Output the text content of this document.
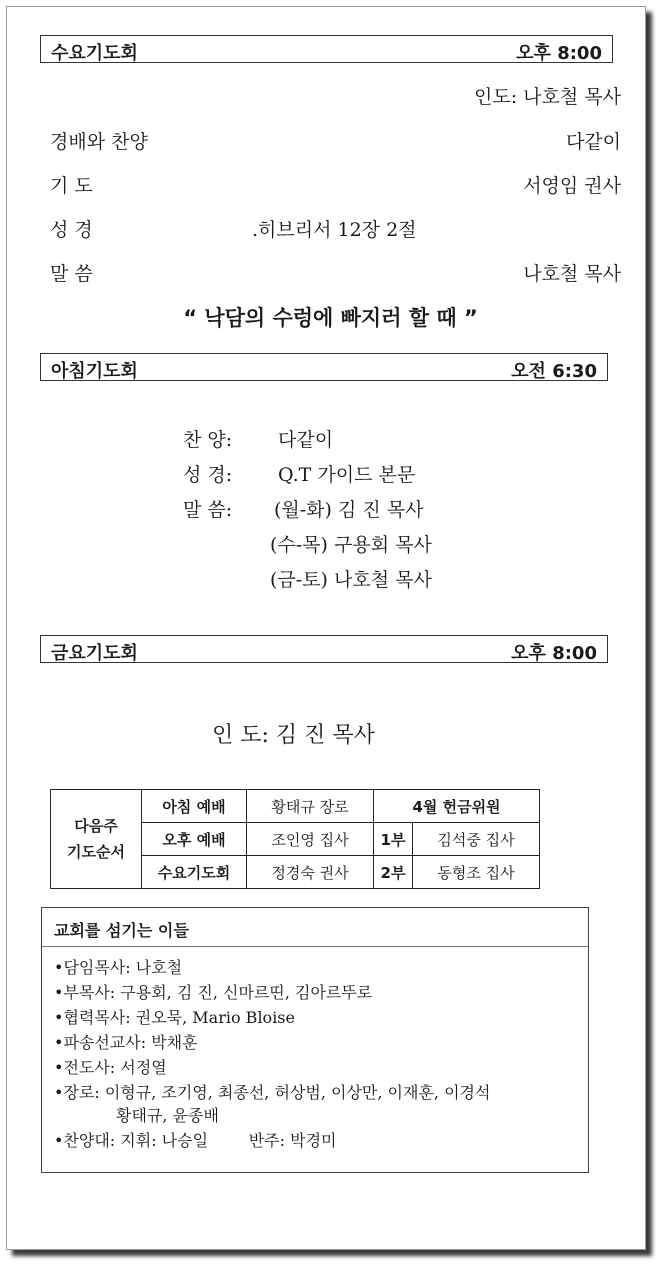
수요기도회	오후 8:00
인도: 나호철 목사
경배와 찬양	다같이
기 도	서영임 권사
성 경	.히브리서 12장 2절
말 씀	나호철 목사
“ 낙담의 수렁에 빠지러 할 때 ”
아침기도회	오전 6:30
찬 양: 다같이
성 경: Q.T 가이드 본문
말 씀: (월-화) 김 진 목사
(수-목) 구용회 목사
(금-토) 나호철 목사
금요기도회	오후 8:00
인 도: 김 진 목사
다음주
기도순서	아침 예배	황태규 장로	4월 헌금위원	
	오후 예배	조인영 집사	1부	김석중 집사
	수요기도회	정경숙 권사	2부	동형조 집사
교회를 섬기는 이들
•담임목사: 나호철
•부목사: 구용회, 김 진, 신마르띤, 김아르뚜로
•협력목사: 권오묵, Mario Bloise
•파송선교사: 박채훈
•전도사: 서정열
•장로: 이형규, 조기영, 최종선, 허상범, 이상만, 이재훈, 이경석
황태규, 윤종배
•찬양대: 지휘: 나승일        반주: 박경미
